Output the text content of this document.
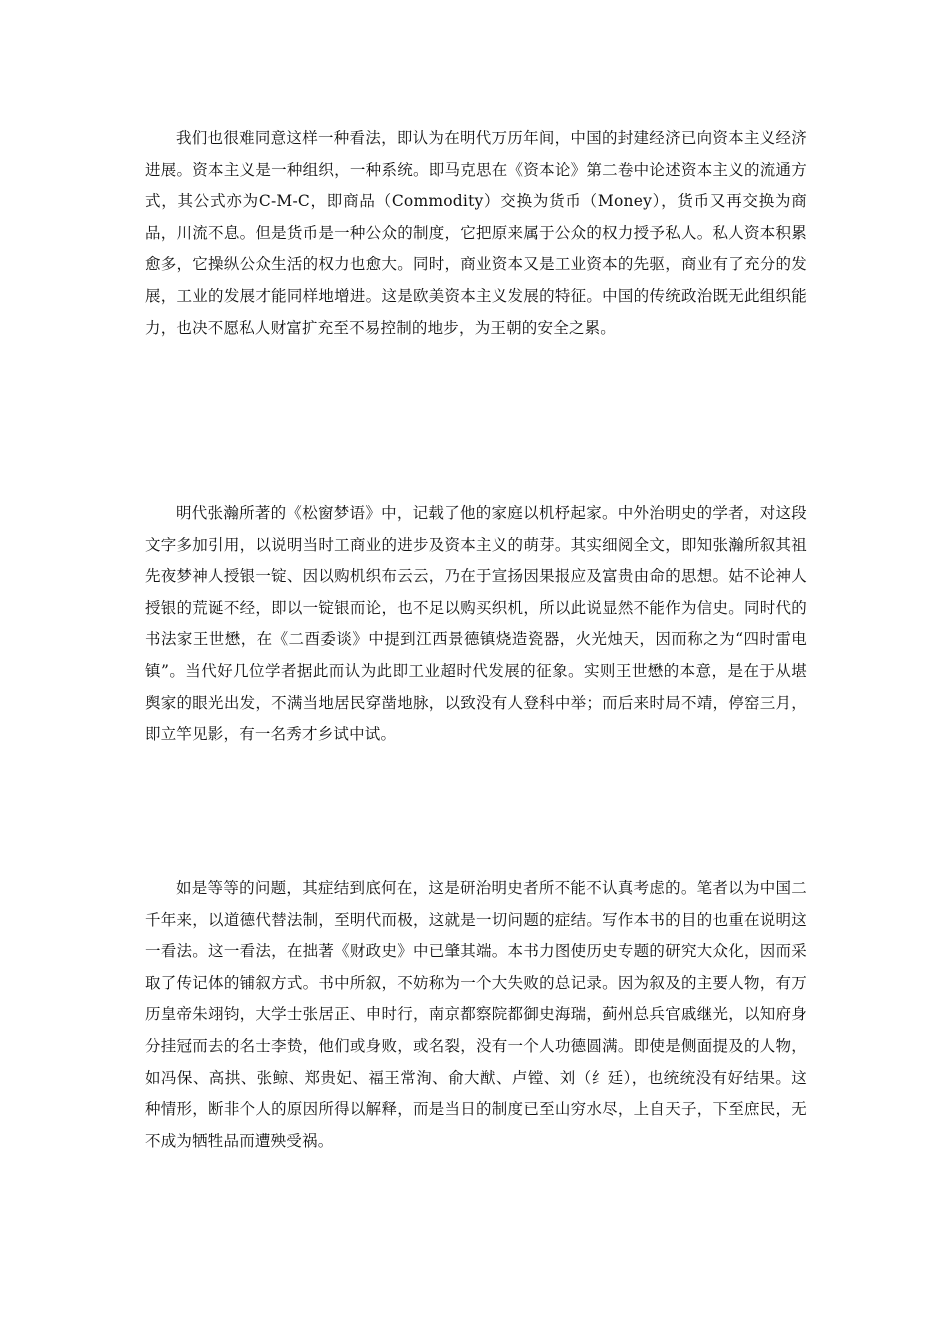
我们也很难同意这样一种看法，即认为在明代万历年间，中国的封建经济已向资本主义经济进展。资本主义是一种组织，一种系统。即马克思在《资本论》第二卷中论述资本主义的流通方式，其公式亦为C-M-C，即商品（Commodity）交换为货币（Money），货币又再交换为商品，川流不息。但是货币是一种公众的制度，它把原来属于公众的权力授予私人。私人资本积累愈多，它操纵公众生活的权力也愈大。同时，商业资本又是工业资本的先驱，商业有了充分的发展，工业的发展才能同样地增进。这是欧美资本主义发展的特征。中国的传统政治既无此组织能力，也决不愿私人财富扩充至不易控制的地步，为王朝的安全之累。

明代张瀚所著的《松窗梦语》中，记载了他的家庭以机杼起家。中外治明史的学者，对这段文字多加引用，以说明当时工商业的进步及资本主义的萌芽。其实细阅全文，即知张瀚所叙其祖先夜梦神人授银一锭、因以购机织布云云，乃在于宣扬因果报应及富贵由命的思想。姑不论神人授银的荒诞不经，即以一锭银而论，也不足以购买织机，所以此说显然不能作为信史。同时代的书法家王世懋，在《二酉委谈》中提到江西景德镇烧造瓷器，火光烛天，因而称之为“四时雷电镇”。当代好几位学者据此而认为此即工业超时代发展的征象。实则王世懋的本意，是在于从堪舆家的眼光出发，不满当地居民穿凿地脉，以致没有人登科中举；而后来时局不靖，停窑三月，即立竿见影，有一名秀才乡试中试。

如是等等的问题，其症结到底何在，这是研治明史者所不能不认真考虑的。笔者以为中国二千年来，以道德代替法制，至明代而极，这就是一切问题的症结。写作本书的目的也重在说明这一看法。这一看法，在拙著《财政史》中已肇其端。本书力图使历史专题的研究大众化，因而采取了传记体的铺叙方式。书中所叙，不妨称为一个大失败的总记录。因为叙及的主要人物，有万历皇帝朱翊钧，大学士张居正、申时行，南京都察院都御史海瑞，蓟州总兵官戚继光，以知府身分挂冠而去的名士李贽，他们或身败，或名裂，没有一个人功德圆满。即使是侧面提及的人物，如冯保、高拱、张鲸、郑贵妃、福王常洵、俞大猷、卢镗、刘（纟廷），也统统没有好结果。这种情形，断非个人的原因所得以解释，而是当日的制度已至山穷水尽，上自天子，下至庶民，无不成为牺牲品而遭殃受祸。
